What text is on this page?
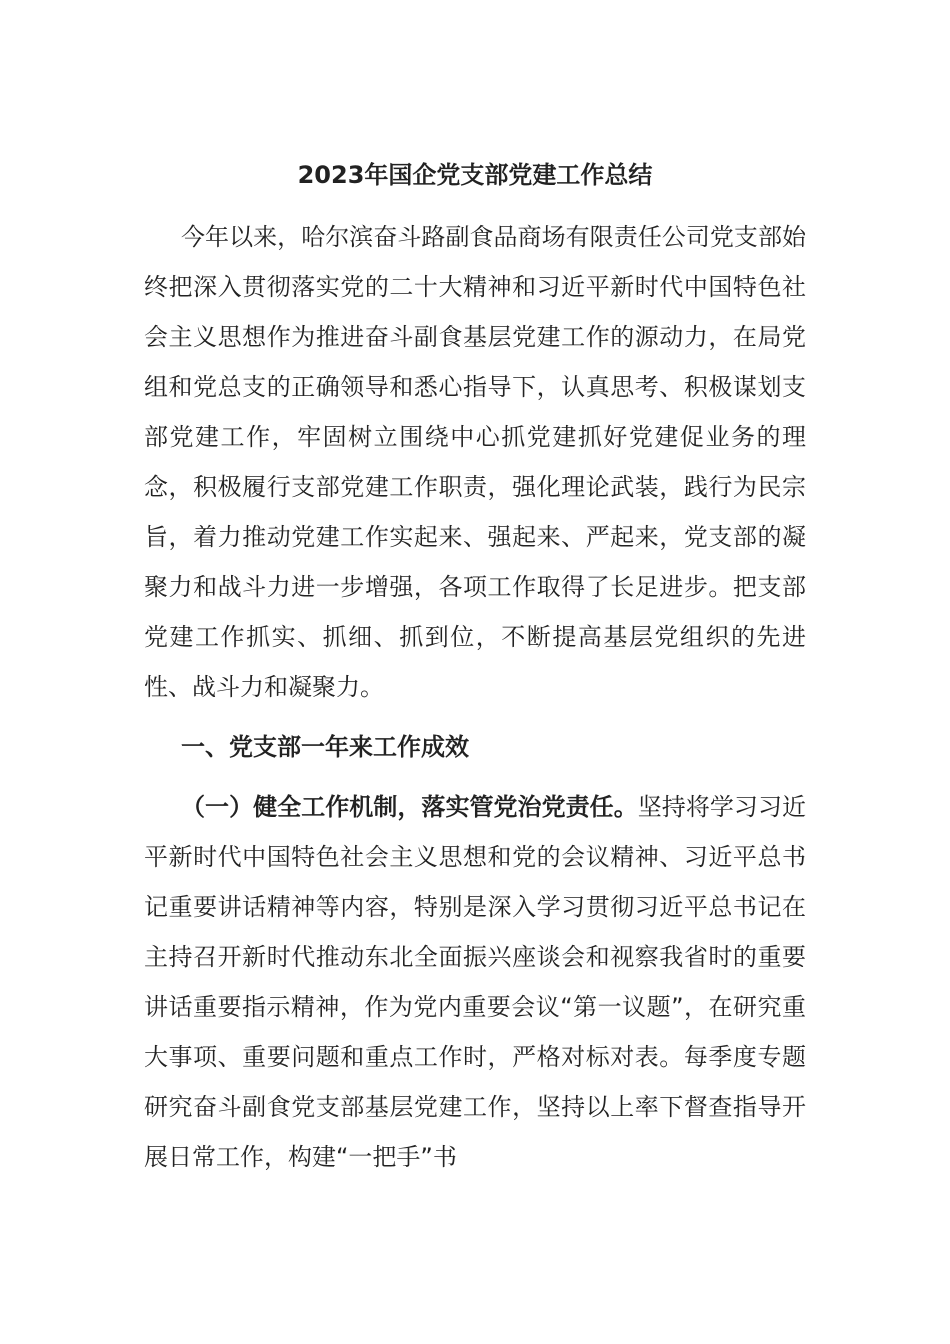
2023年国企党支部党建工作总结

今年以来，哈尔滨奋斗路副食品商场有限责任公司党支部始终把深入贯彻落实党的二十大精神和习近平新时代中国特色社会主义思想作为推进奋斗副食基层党建工作的源动力，在局党组和党总支的正确领导和悉心指导下，认真思考、积极谋划支部党建工作，牢固树立围绕中心抓党建抓好党建促业务的理念，积极履行支部党建工作职责，强化理论武装，践行为民宗旨，着力推动党建工作实起来、强起来、严起来，党支部的凝聚力和战斗力进一步增强，各项工作取得了长足进步。把支部党建工作抓实、抓细、抓到位，不断提高基层党组织的先进性、战斗力和凝聚力。

一、党支部一年来工作成效

（一）健全工作机制，落实管党治党责任。坚持将学习习近平新时代中国特色社会主义思想和党的会议精神、习近平总书记重要讲话精神等内容，特别是深入学习贯彻习近平总书记在主持召开新时代推动东北全面振兴座谈会和视察我省时的重要讲话重要指示精神，作为党内重要会议“第一议题”，在研究重大事项、重要问题和重点工作时，严格对标对表。每季度专题研究奋斗副食党支部基层党建工作，坚持以上率下督查指导开展日常工作，构建“一把手”书
